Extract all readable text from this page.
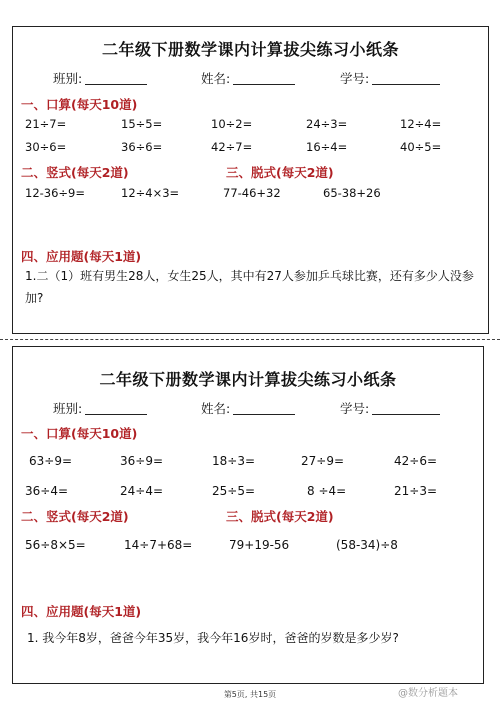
二年级下册数学课内计算拔尖练习小纸条
班别:	姓名:	学号:
一、口算(每天10道)
21÷7=	15÷5=	10÷2=	24÷3=	12÷4=
30÷6=	36÷6=	42÷7=	16÷4=	40÷5=
二、竖式(每天2道)	三、脱式(每天2道)
12-36÷9=	12÷4×3=	77-46+32	65-38+26
四、应用题(每天1道)
1.二（1）班有男生28人，女生25人，其中有27人参加乒乓球比赛，还有多少人没参加?
二年级下册数学课内计算拔尖练习小纸条
班别:	姓名:	学号:
一、口算(每天10道)
63÷9=	36÷9=	18÷3=	27÷9=	42÷6=
36÷4=	24÷4=	25÷5=	8 ÷4=	21÷3=
二、竖式(每天2道)	三、脱式(每天2道)
56÷8×5=	14÷7+68=	79+19-56	(58-34)÷8
四、应用题(每天1道)
1. 我今年8岁，爸爸今年35岁，我今年16岁时，爸爸的岁数是多少岁?
第5页, 共15页	@数分析题本
